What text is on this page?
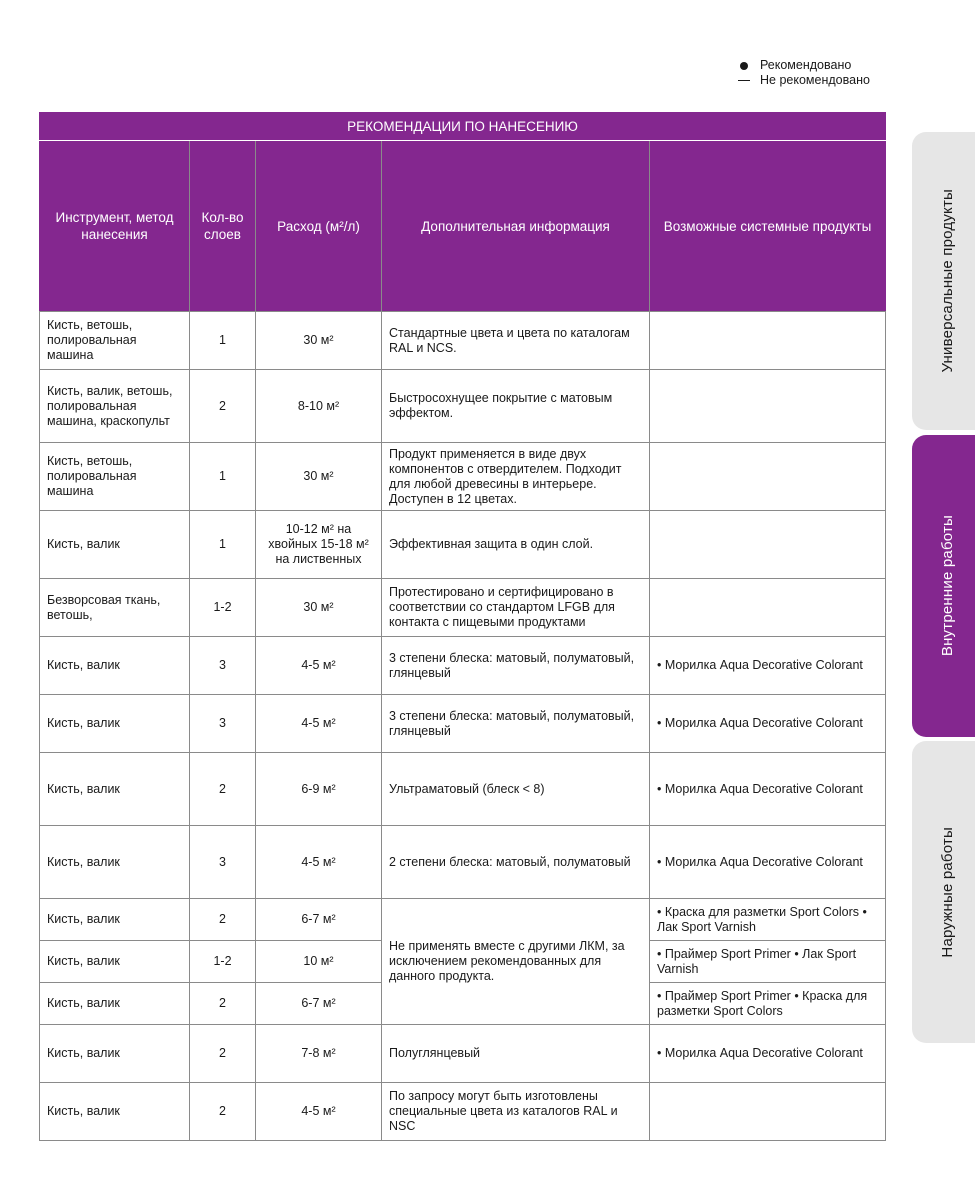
Рекомендовано
Не рекомендовано
РЕКОМЕНДАЦИИ ПО НАНЕСЕНИЮ				
Инструмент, метод нанесения	Кол-во слоев	Расход (м²/л)	Дополнительная информация	Возможные системные продукты
Кисть, ветошь, полировальная машина	1	30 м²	Стандартные цвета и цвета по каталогам RAL и NCS.	
Кисть, валик, ветошь, полировальная машина, краскопульт	2	8-10 м²	Быстросохнущее покрытие с матовым эффектом.	
Кисть, ветошь, полировальная машина	1	30 м²	Продукт применяется в виде двух компонентов с отвердителем. Подходит для любой древесины в интерьере. Доступен в 12 цветах.	
Кисть, валик	1	10-12 м² на хвойных 15-18 м² на лиственных	Эффективная защита в один слой.	
Безворсовая ткань, ветошь,	1-2	30 м²	Протестировано и сертифицировано в соответствии со стандартом LFGB для контакта с пищевыми продуктами	
Кисть, валик	3	4-5 м²	3 степени блеска: матовый, полуматовый, глянцевый	• Морилка Aqua Decorative Colorant
Кисть, валик	3	4-5 м²	3 степени блеска: матовый, полуматовый, глянцевый	• Морилка Aqua Decorative Colorant
Кисть, валик	2	6-9 м²	Ультраматовый (блеск < 8)	• Морилка Aqua Decorative Colorant
Кисть, валик	3	4-5 м²	2 степени блеска: матовый, полуматовый	• Морилка Aqua Decorative Colorant
Кисть, валик	2	6-7 м²	Не применять вместе с другими ЛКМ, за исключением рекомендованных для данного продукта.	• Краска для разметки Sport Colors • Лак Sport Varnish
Кисть, валик	1-2	10 м²		• Праймер Sport Primer • Лак Sport Varnish
Кисть, валик	2	6-7 м²		• Праймер Sport Primer • Краска для разметки Sport Colors
Кисть, валик	2	7-8 м²	Полуглянцевый	• Морилка Aqua Decorative Colorant
Кисть, валик	2	4-5 м²	По запросу могут быть изготовлены специальные цвета из каталогов RAL и NSC	
Универсальные продукты
Внутренние работы
Наружные работы
